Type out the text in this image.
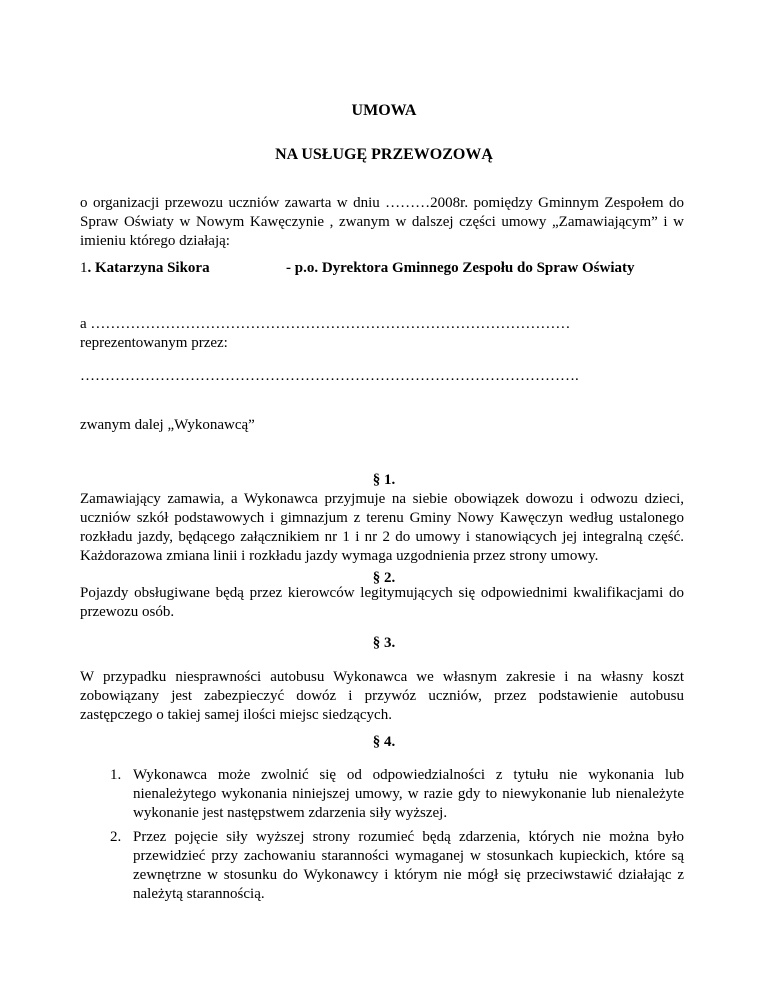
UMOWA
NA USŁUGĘ PRZEWOZOWĄ
o organizacji przewozu uczniów zawarta w dniu ………2008r. pomiędzy Gminnym Zespołem do Spraw Oświaty w Nowym Kawęczynie , zwanym w dalszej części umowy „Zamawiającym” i w imieniu którego działają:
1. Katarzyna Sikora	- p.o. Dyrektora Gminnego Zespołu do Spraw Oświaty
a ……………………………………………………………………………………
reprezentowanym przez:
……………………………………………………………………………………….
zwanym dalej „Wykonawcą”
§ 1.
Zamawiający zamawia, a Wykonawca przyjmuje na siebie obowiązek dowozu i odwozu dzieci, uczniów szkół podstawowych i gimnazjum z terenu Gminy Nowy Kawęczyn według ustalonego rozkładu jazdy, będącego załącznikiem nr 1 i nr 2 do umowy i stanowiących jej integralną część. Każdorazowa zmiana linii i rozkładu jazdy wymaga uzgodnienia przez strony umowy.
§ 2.
Pojazdy obsługiwane będą przez kierowców legitymujących się odpowiednimi kwalifikacjami do przewozu osób.
§ 3.
W przypadku niesprawności autobusu Wykonawca we własnym zakresie i na własny koszt zobowiązany jest zabezpieczyć dowóz i przywóz uczniów, przez podstawienie autobusu zastępczego o takiej samej ilości miejsc siedzących.
§ 4.
1. Wykonawca może zwolnić się od odpowiedzialności z tytułu nie wykonania lub nienależytego wykonania niniejszej umowy, w razie gdy to niewykonanie lub nienależyte wykonanie jest następstwem zdarzenia siły wyższej.
2. Przez pojęcie siły wyższej strony rozumieć będą zdarzenia, których nie można było przewidzieć przy zachowaniu staranności wymaganej w stosunkach kupieckich, które są zewnętrzne w stosunku do Wykonawcy i którym nie mógł się przeciwstawić działając z należytą starannością.
